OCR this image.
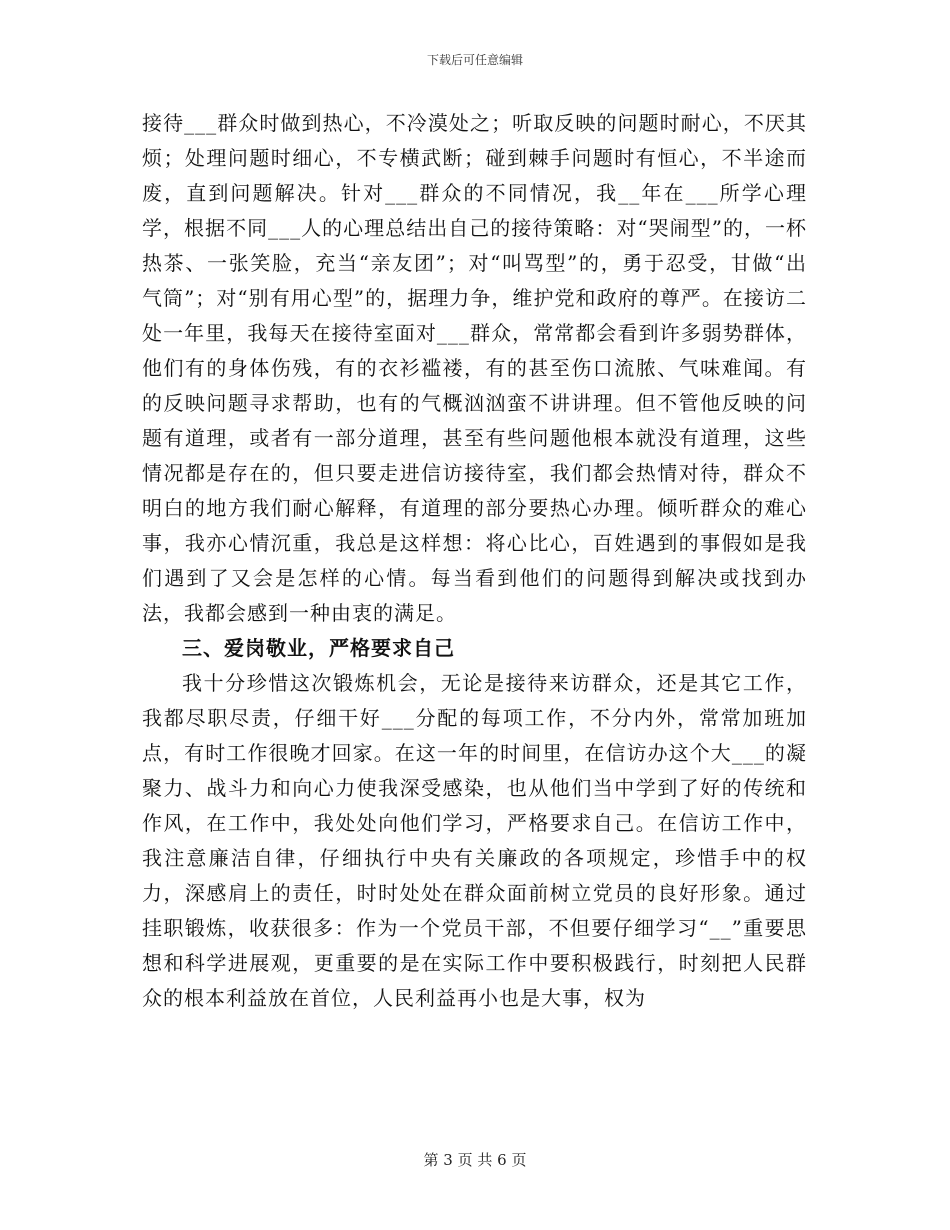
下载后可任意编辑

接待___群众时做到热心，不冷漠处之；听取反映的问题时耐心，不厌其烦；处理问题时细心，不专横武断；碰到棘手问题时有恒心，不半途而废，直到问题解决。针对___群众的不同情况，我__年在___所学心理学，根据不同___人的心理总结出自己的接待策略：对“哭闹型”的，一杯热茶、一张笑脸，充当“亲友团”；对“叫骂型”的，勇于忍受，甘做“出气筒”；对“别有用心型”的，据理力争，维护党和政府的尊严。在接访二处一年里，我每天在接待室面对___群众，常常都会看到许多弱势群体，他们有的身体伤残，有的衣衫褴褛，有的甚至伤口流脓、气味难闻。有的反映问题寻求帮助，也有的气概汹汹蛮不讲讲理。但不管他反映的问题有道理，或者有一部分道理，甚至有些问题他根本就没有道理，这些情况都是存在的，但只要走进信访接待室，我们都会热情对待，群众不明白的地方我们耐心解释，有道理的部分要热心办理。倾听群众的难心事，我亦心情沉重，我总是这样想：将心比心，百姓遇到的事假如是我们遇到了又会是怎样的心情。每当看到他们的问题得到解决或找到办法，我都会感到一种由衷的满足。

三、爱岗敬业，严格要求自己

我十分珍惜这次锻炼机会，无论是接待来访群众，还是其它工作，我都尽职尽责，仔细干好___分配的每项工作，不分内外，常常加班加点，有时工作很晚才回家。在这一年的时间里，在信访办这个大___的凝聚力、战斗力和向心力使我深受感染，也从他们当中学到了好的传统和作风，在工作中，我处处向他们学习，严格要求自己。在信访工作中，我注意廉洁自律，仔细执行中央有关廉政的各项规定，珍惜手中的权力，深感肩上的责任，时时处处在群众面前树立党员的良好形象。通过挂职锻炼，收获很多：作为一个党员干部，不但要仔细学习“__”重要思想和科学进展观，更重要的是在实际工作中要积极践行，时刻把人民群众的根本利益放在首位，人民利益再小也是大事，权为

第 3 页 共 6 页
